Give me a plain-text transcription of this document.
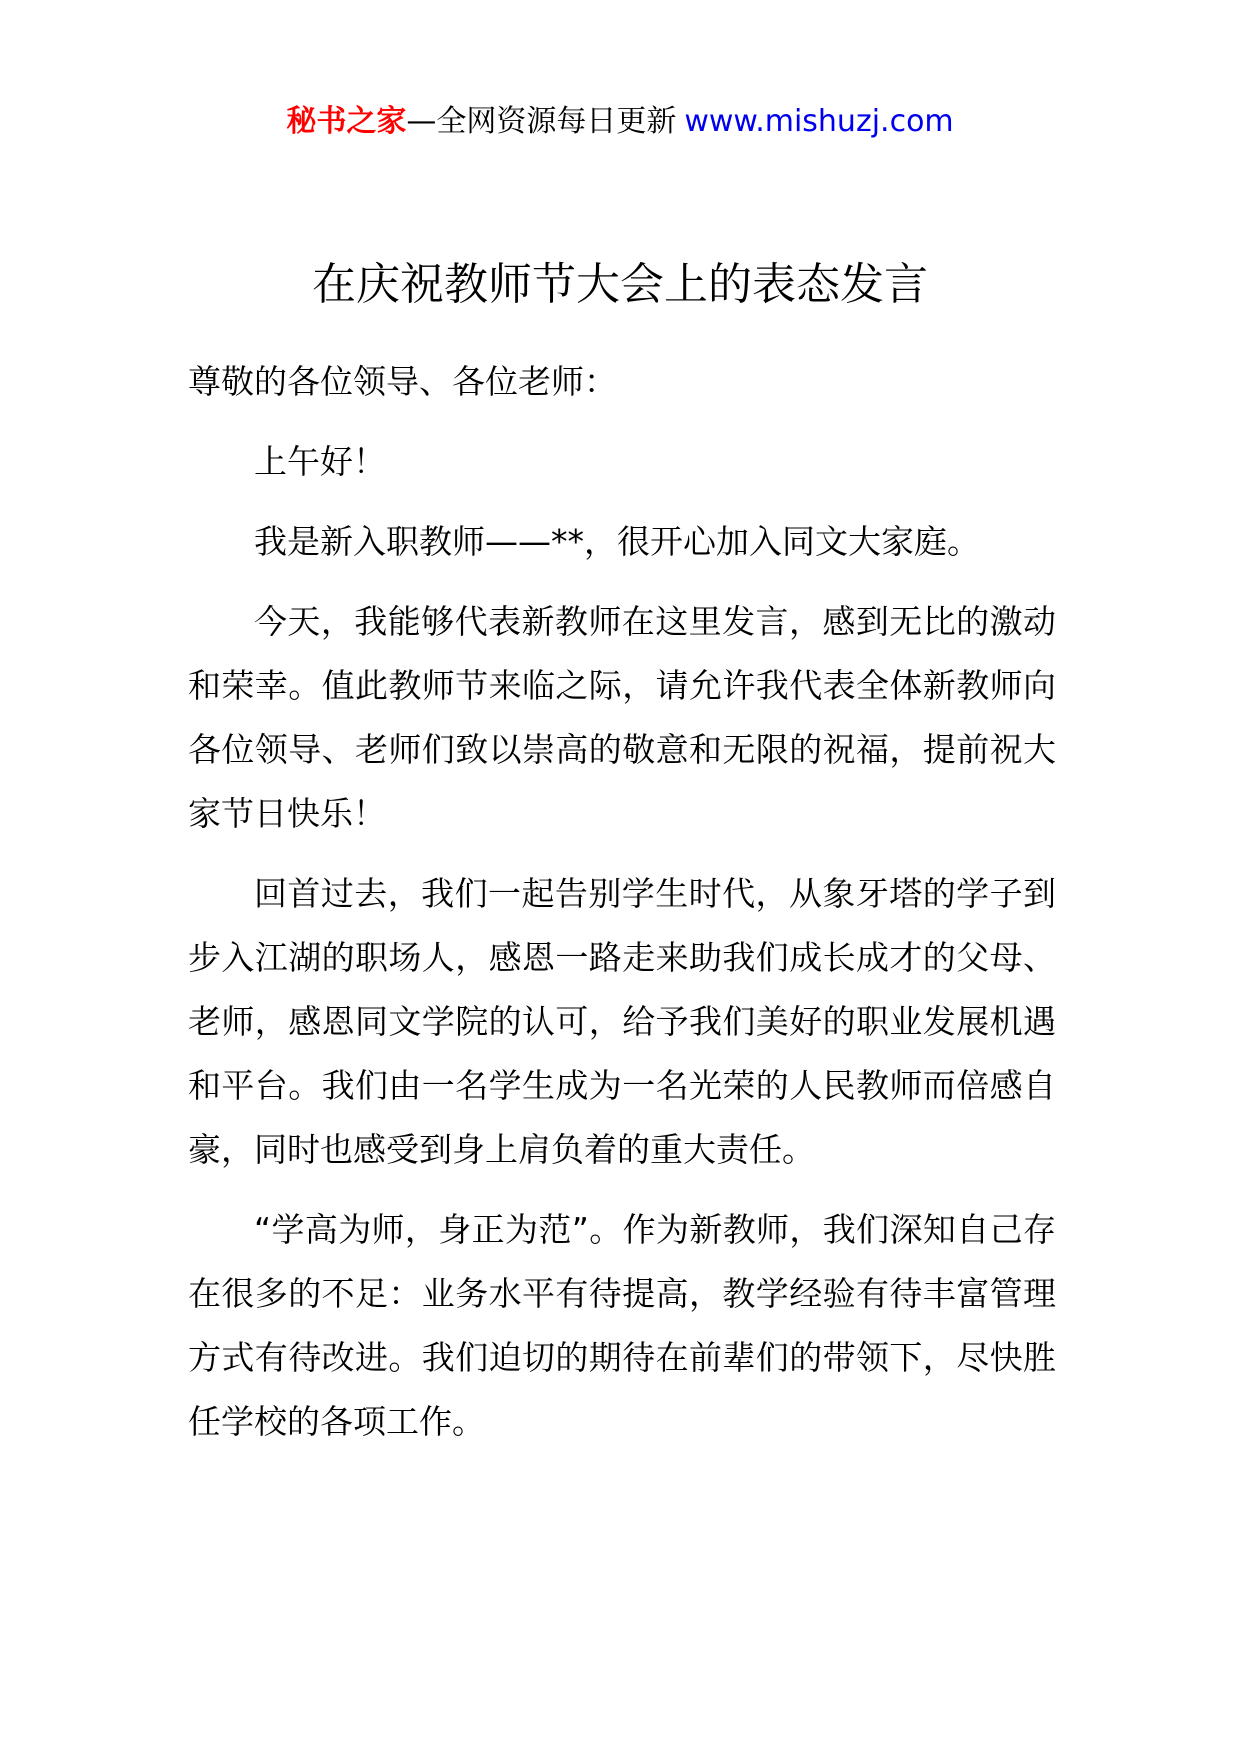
秘书之家—全网资源每日更新 www.mishuzj.com
在庆祝教师节大会上的表态发言

尊敬的各位领导、各位老师：

上午好！

我是新入职教师——**，很开心加入同文大家庭。

今天，我能够代表新教师在这里发言，感到无比的激动和荣幸。值此教师节来临之际，请允许我代表全体新教师向各位领导、老师们致以崇高的敬意和无限的祝福，提前祝大家节日快乐！

回首过去，我们一起告别学生时代，从象牙塔的学子到步入江湖的职场人，感恩一路走来助我们成长成才的父母、老师，感恩同文学院的认可，给予我们美好的职业发展机遇和平台。我们由一名学生成为一名光荣的人民教师而倍感自豪，同时也感受到身上肩负着的重大责任。

“学高为师，身正为范”。作为新教师，我们深知自己存在很多的不足：业务水平有待提高，教学经验有待丰富管理方式有待改进。我们迫切的期待在前辈们的带领下，尽快胜任学校的各项工作。
